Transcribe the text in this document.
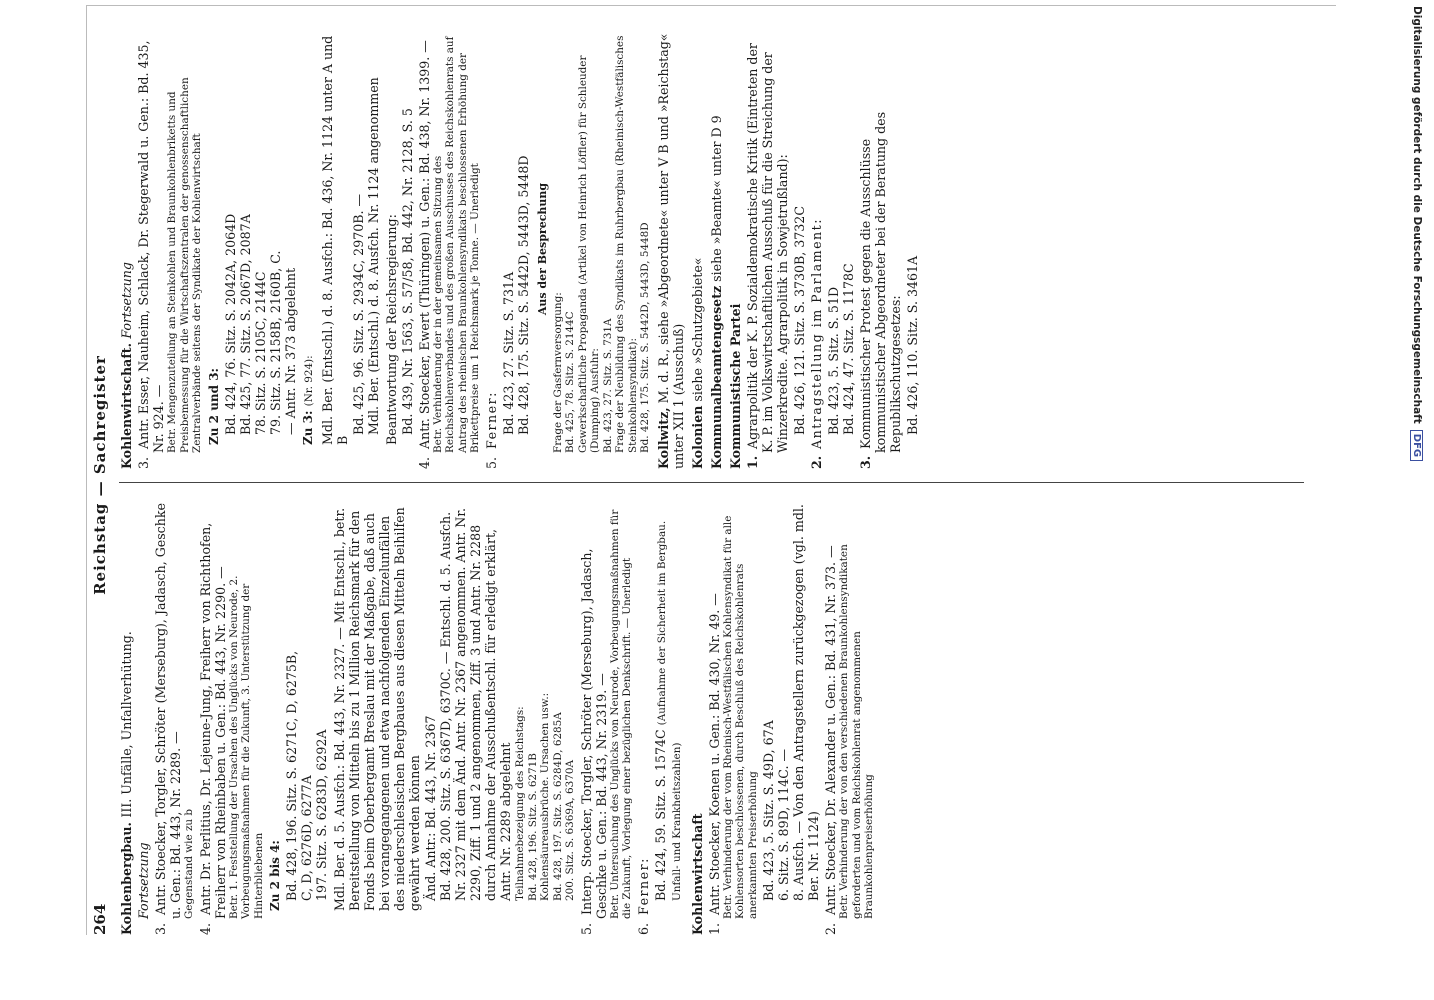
Digitalisierung gefördert durch die Deutsche Forschungsgemeinschaft
DFG
264
Reichstag — Sachregister
Kohlenbergbau. III. Unfälle, Unfallverhütung.
Fortsetzung
3. Antr. Stoecker, Torgler, Schröter (Merseburg), Jadasch, Geschke u. Gen.: Bd. 443, Nr. 2289. — Gegenstand wie zu b
4. Antr. Dr. Perlitius, Dr. Lejeune-Jung, Freiherr von Richthofen, Freiherr von Rheinbaben u. Gen.: Bd. 443, Nr. 2290. — Betr. 1. Feststellung der Ursachen des Unglücks von Neurode, 2. Vorbeugungsmaßnahmen für die Zukunft, 3. Unterstützung der Hinterbliebenen Zu 2 bis 4: Bd. 428, 196. Sitz. S. 6271C, D, 6275B, C, D, 6276D, 6277A 197. Sitz. S. 6283D, 6292A Mdl. Ber. d. 5. Ausfch.: Bd. 443, Nr. 2327. — Mit Entschl., betr. Bereitstellung von Mitteln bis zu 1 Million Reichsmark für den Fonds beim Oberbergamt Breslau mit der Maßgabe, daß auch bei vorangegangenen und etwa nachfolgenden Einzelunfällen des niederschlesischen Bergbaues aus diesen Mitteln Beihilfen gewährt werden können Änd. Antr.: Bd. 443, Nr. 2367 Bd. 428, 200. Sitz. S. 6367D, 6370C. — Entschl. d. 5. Ausfch. Nr. 2327 mit dem Änd. Antr. Nr. 2367 angenommen. Antr. Nr. 2290, Ziff. 1 und 2 angenommen, Ziff. 3 und Antr. Nr. 2288 durch Annahme der Ausschußentschl. für erledigt erklärt, Antr. Nr. 2289 abgelehnt Teilnahmebezeigung des Reichstags: Bd. 428, 196. Sitz. S. 6271B Kohlensäureausbrüche. Ursachen usw.: Bd. 428, 197. Sitz. S. 6284D, 6285A 200. Sitz. S. 6369A, 6370A
5. Interp. Stoecker, Torgler, Schröter (Merseburg), Jadasch, Geschke u. Gen.: Bd. 443, Nr. 2319. — Betr. Untersuchung des Unglücks von Neurode, Vorbeugungsmaßnahmen für die Zukunft, Vorlegung einer bezüglichen Denkschrift. — Unerledigt
6. Ferner: Bd. 424, 59. Sitz. S. 1574C (Aufnahme der Sicherheit im Bergbau. Unfall- und Krankheitszahlen) Kohlenwirtschaft 1. Antr. Stoecker, Koenen u. Gen.: Bd. 430, Nr. 49. — Betr. Verhinderung der vom Rheinisch-Westfälischen Kohlensyndikat für alle Kohlensorten beschlossenen, durch Beschluß des Reichskohlenrats anerkannten Preiserhöhung Bd. 423, 5. Sitz. S. 49D, 67A 6. Sitz. S. 89D, 114C. — 8. Ausfch. — Von den Antragstellern zurückgezogen (vgl. mdl. Ber. Nr. 1124)
2. Antr. Stoecker, Dr. Alexander u. Gen.: Bd. 431, Nr. 373. — Betr. Verhinderung der von den verschiedenen Braunkohlensyndikaten geforderten und vom Reichskohlenrat angenommenen Braunkohlenpreiserhöhung
Kohlenwirtschaft. Fortsetzung
3. Antr. Esser, Nauheim, Schlack, Dr. Stegerwald u. Gen.: Bd. 435, Nr. 924. — Betr. Mengenzuteilung an Steinkohlen und Braunkohlenbriketts und Preisbemessung für die Wirtschaftszentralen der genossenschaftlichen Zentralverbände seitens der Syndikate der Kohlenwirtschaft Zu 2 und 3: Bd. 424, 76. Sitz. S. 2042A, 2064D Bd. 425, 77. Sitz. S. 2067D, 2087A 78. Sitz. S. 2105C, 2144C 79. Sitz. S. 2158B, 2160B, C. — Antr. Nr. 373 abgelehnt Zu 3: (Nr. 924): Mdl. Ber. (Entschl.) d. 8. Ausfch.: Bd. 436, Nr. 1124 unter A und B
Bd. 425, 96. Sitz. S. 2934C, 2970B. — Mdl. Ber. (Entschl.) d. 8. Ausfch. Nr. 1124 angenommen Beantwortung der Reichsregierung: Bd. 439, Nr. 1563, S. 57/58, Bd. 442, Nr. 2128, S. 5
4. Antr. Stoecker, Ewert (Thüringen) u. Gen.: Bd. 438, Nr. 1399. — Betr. Verhinderung der in der gemeinsamen Sitzung des Reichskohlenverbandes und des großen Ausschusses des Reichskohlenrats auf Antrag des rheinischen Braunkohlensyndikats beschlossenen Erhöhung der Brikettpreise um 1 Reichsmark je Tonne. — Unerledigt
5. Ferner: Bd. 423, 27. Sitz. S. 731A Bd. 428, 175. Sitz. S. 5442D, 5443D, 5448D Aus der Besprechung
Frage der Gasfernversorgung: Bd. 425, 78. Sitz. S. 2144C Gewerkschaftliche Propaganda (Artikel von Heinrich Löffler) für Schleuder (Dumping) Ausfuhr: Bd. 423, 27. Sitz. S. 731A Frage der Neubildung des Syndikats im Ruhrbergbau (Rheinisch-Westfälisches Steinkohlensyndikat): Bd. 428, 175. Sitz. S. 5442D, 5443D, 5448D Kollwitz, M. d. R., siehe »Abgeordnete« unter V B und »Reichstag« unter XII 1 (Ausschuß) Kolonien siehe »Schutzgebiete« Kommunalbeamtengesetz siehe »Beamte« unter D 9
Kommunistische Partei 1. Agrarpolitik der K. P. Sozialdemokratische Kritik (Eintreten der K. P. im Volkswirtschaftlichen Ausschuß für die Streichung der Winzerkredite. Agrarpolitik in Sowjetrußland): Bd. 426, 121. Sitz. S. 3730B, 3732C
2. Antragstellung im Parlament: Bd. 423, 5. Sitz. S. 51D Bd. 424, 47. Sitz. S. 1178C
3. Kommunistischer Protest gegen die Ausschlüsse kommunistischer Abgeordneter bei der Beratung des Republikschutzgesetzes: Bd. 426, 110. Sitz. S. 3461A
